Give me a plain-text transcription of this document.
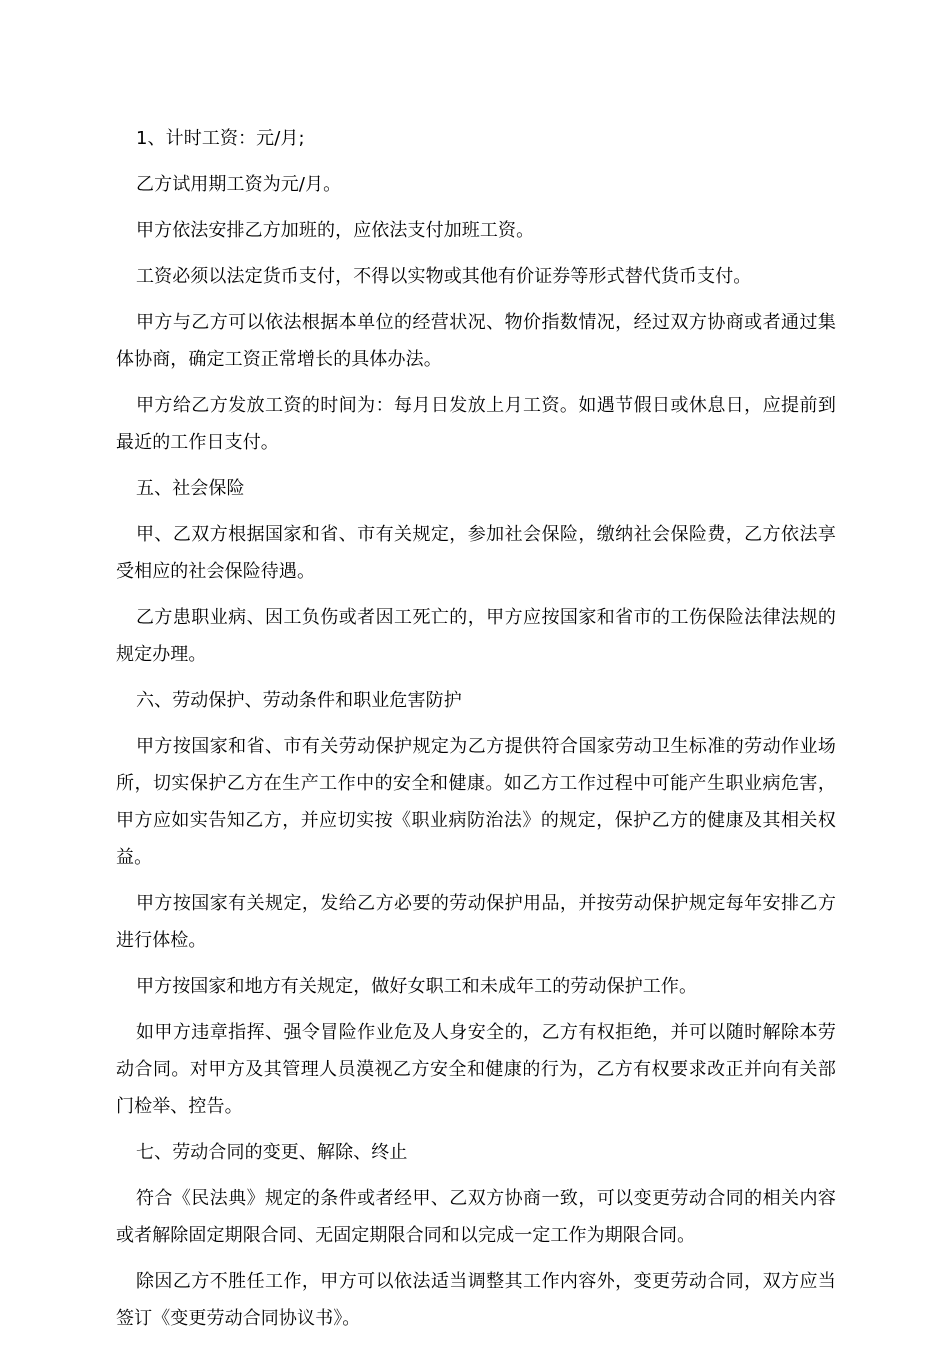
1、计时工资：元/月;

乙方试用期工资为元/月。

甲方依法安排乙方加班的，应依法支付加班工资。

工资必须以法定货币支付，不得以实物或其他有价证券等形式替代货币支付。

甲方与乙方可以依法根据本单位的经营状况、物价指数情况，经过双方协商或者通过集体协商，确定工资正常增长的具体办法。

甲方给乙方发放工资的时间为：每月日发放上月工资。如遇节假日或休息日，应提前到最近的工作日支付。

五、社会保险

甲、乙双方根据国家和省、市有关规定，参加社会保险，缴纳社会保险费，乙方依法享受相应的社会保险待遇。

乙方患职业病、因工负伤或者因工死亡的，甲方应按国家和省市的工伤保险法律法规的规定办理。

六、劳动保护、劳动条件和职业危害防护

甲方按国家和省、市有关劳动保护规定为乙方提供符合国家劳动卫生标准的劳动作业场所，切实保护乙方在生产工作中的安全和健康。如乙方工作过程中可能产生职业病危害，甲方应如实告知乙方，并应切实按《职业病防治法》的规定，保护乙方的健康及其相关权益。

甲方按国家有关规定，发给乙方必要的劳动保护用品，并按劳动保护规定每年安排乙方进行体检。

甲方按国家和地方有关规定，做好女职工和未成年工的劳动保护工作。

如甲方违章指挥、强令冒险作业危及人身安全的，乙方有权拒绝，并可以随时解除本劳动合同。对甲方及其管理人员漠视乙方安全和健康的行为，乙方有权要求改正并向有关部门检举、控告。

七、劳动合同的变更、解除、终止

符合《民法典》规定的条件或者经甲、乙双方协商一致，可以变更劳动合同的相关内容或者解除固定期限合同、无固定期限合同和以完成一定工作为期限合同。

除因乙方不胜任工作，甲方可以依法适当调整其工作内容外，变更劳动合同，双方应当签订《变更劳动合同协议书》。
